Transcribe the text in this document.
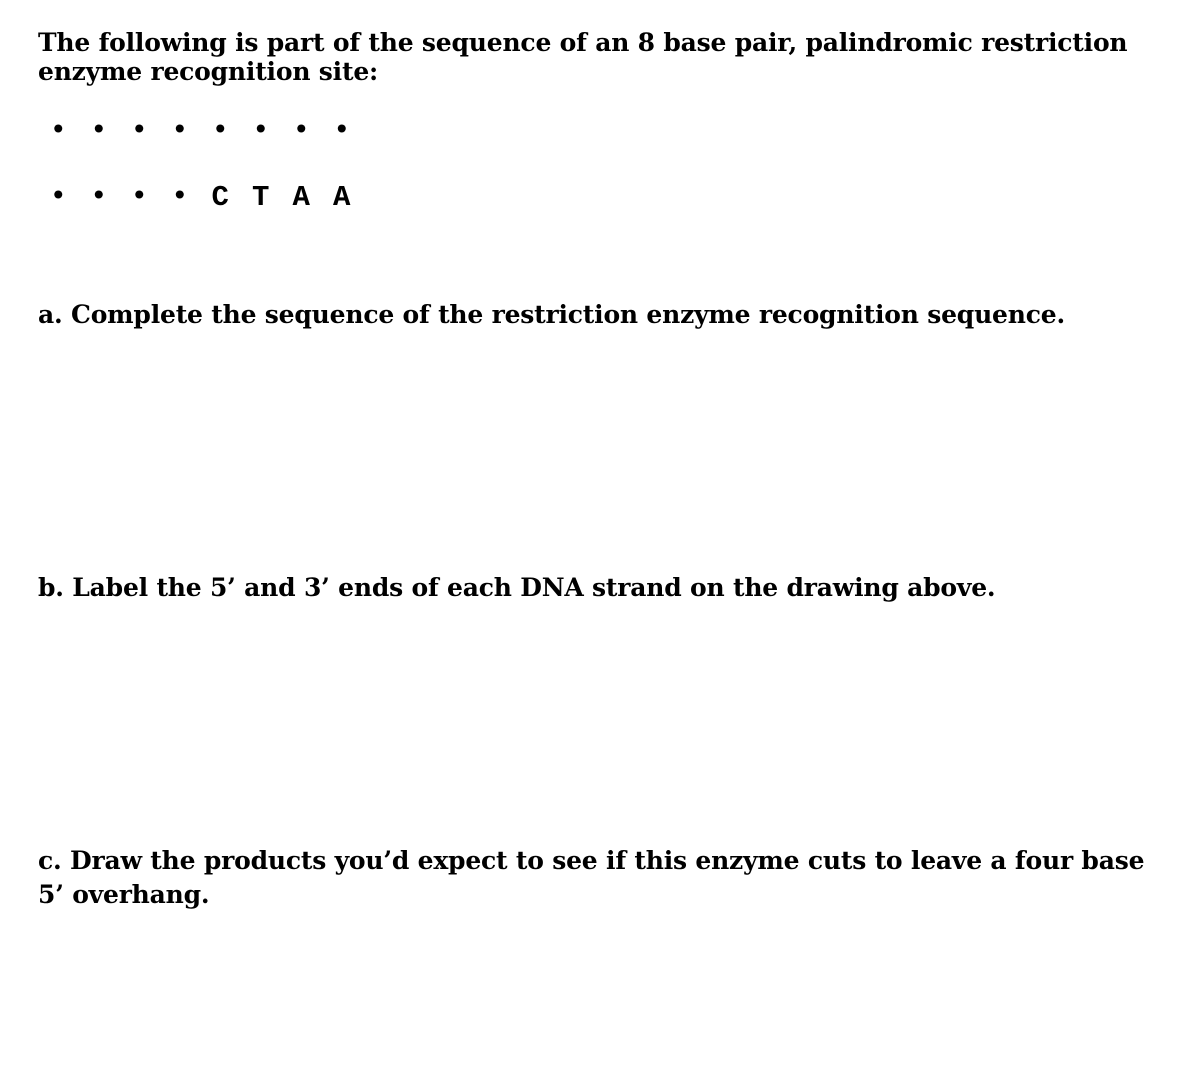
The following is part of the sequence of an 8 base pair, palindromic restriction enzyme recognition site:

• • • • • • • •
• • • • C T A A

a. Complete the sequence of the restriction enzyme recognition sequence.

b. Label the 5’ and 3’ ends of each DNA strand on the drawing above.

c. Draw the products you’d expect to see if this enzyme cuts to leave a four base 5’ overhang.
